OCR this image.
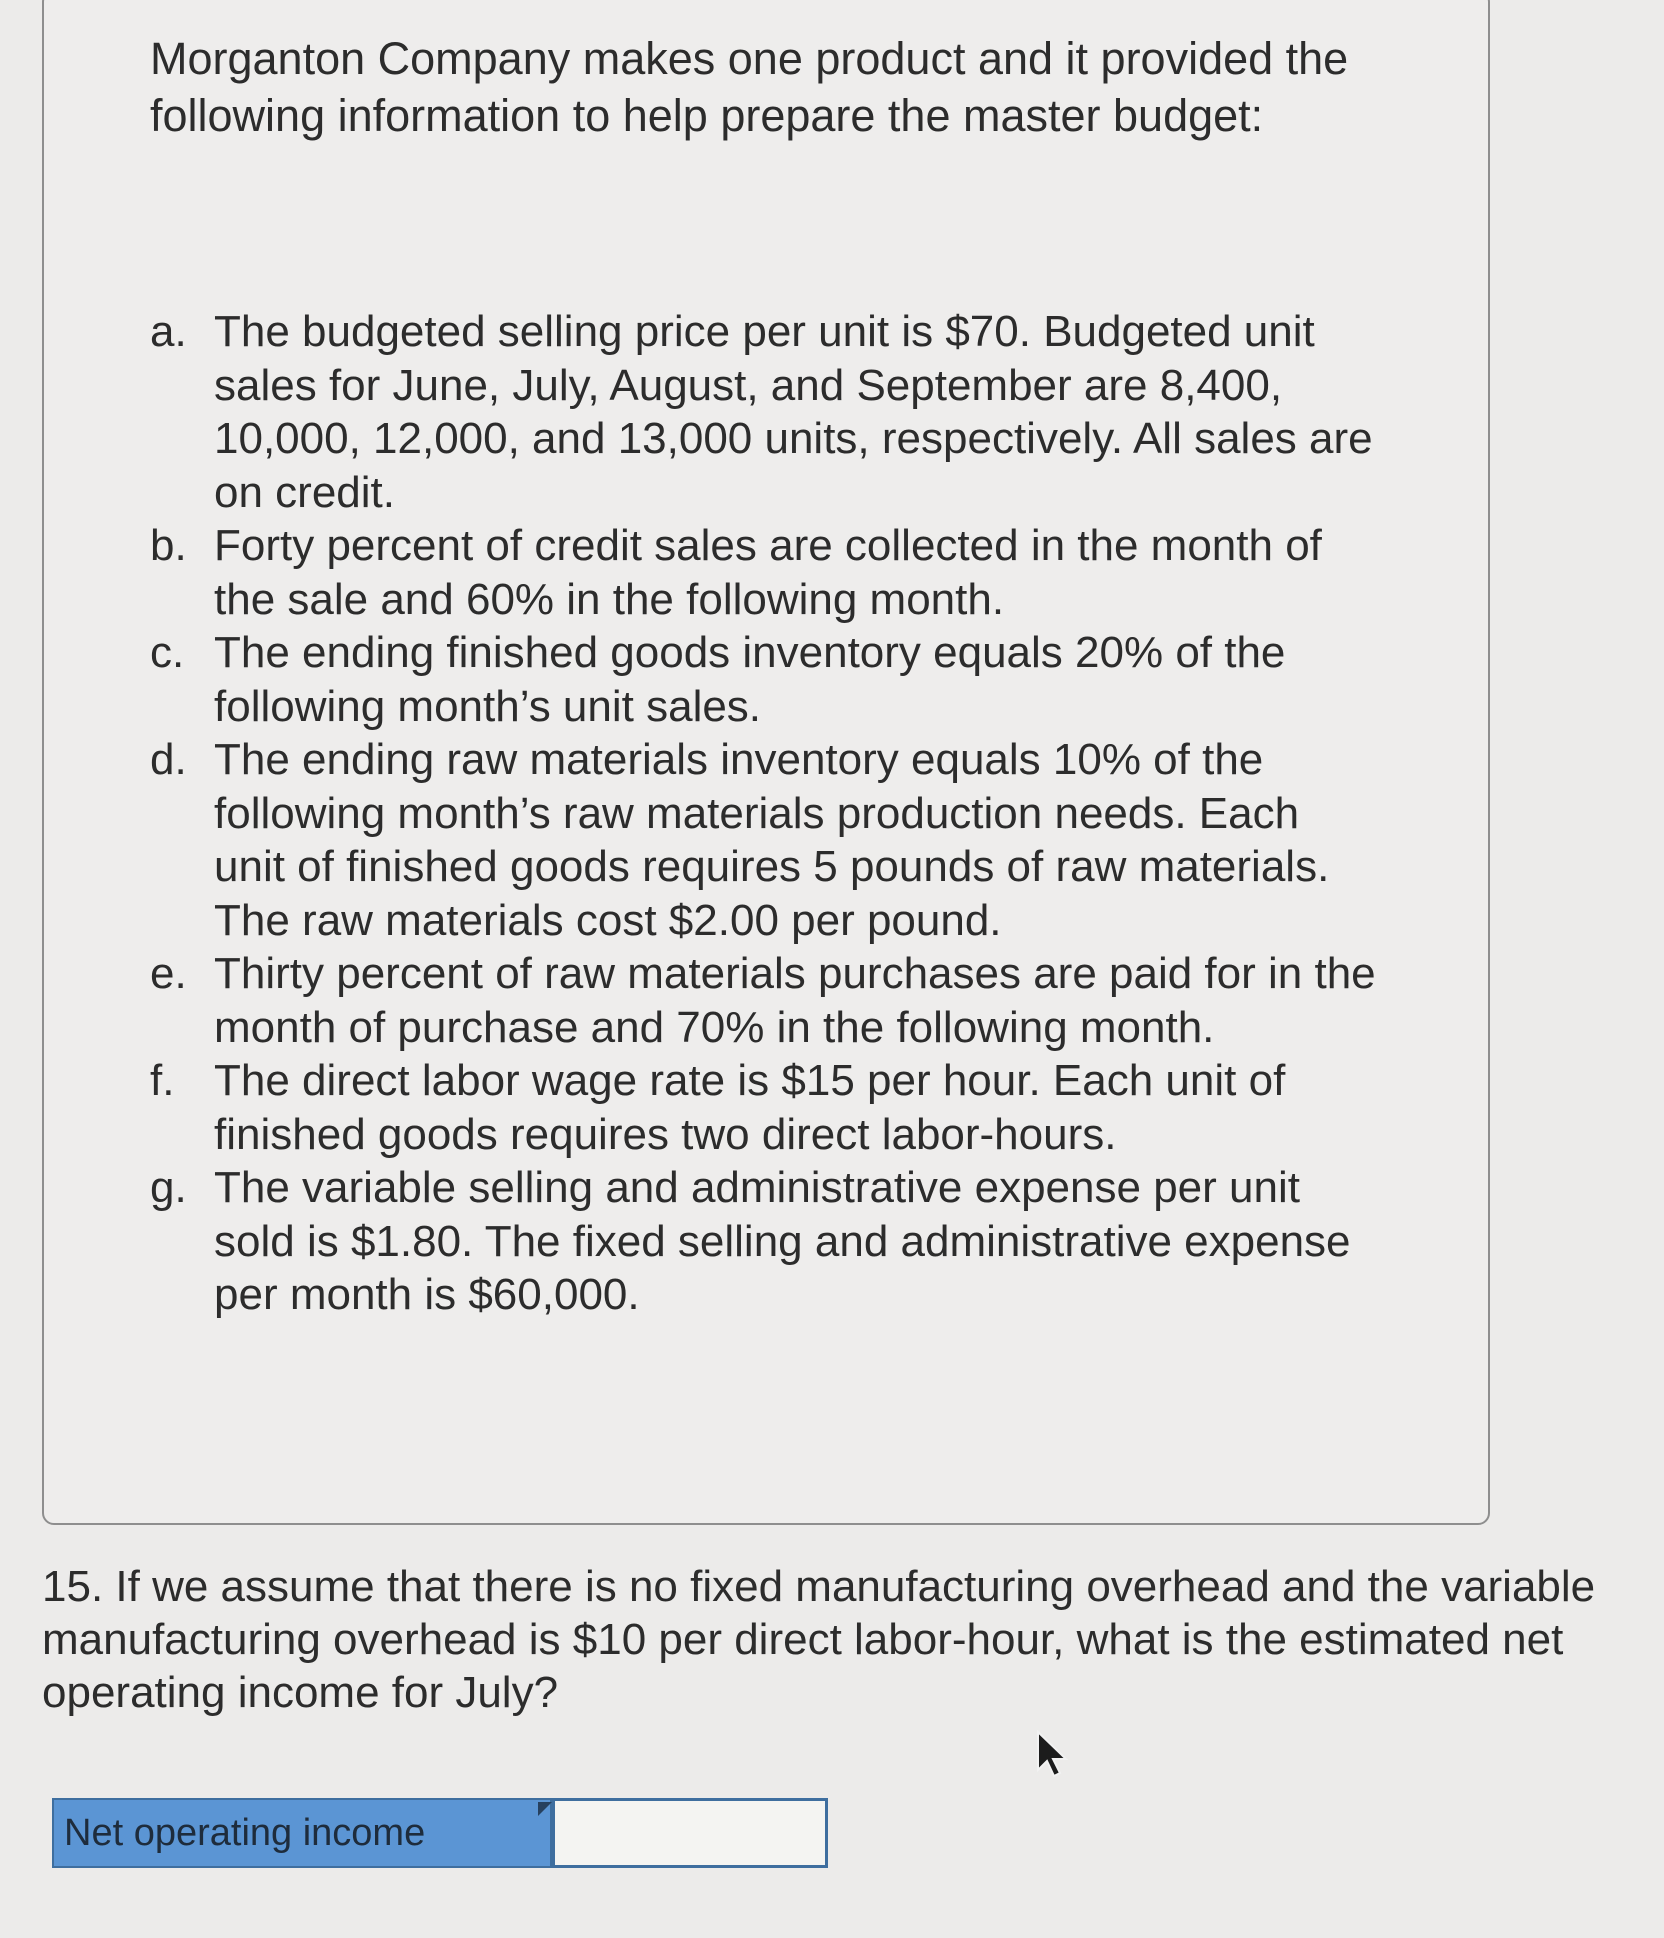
Morganton Company makes one product and it provided the following information to help prepare the master budget:

a. The budgeted selling price per unit is $70. Budgeted unit sales for June, July, August, and September are 8,400, 10,000, 12,000, and 13,000 units, respectively. All sales are on credit.
b. Forty percent of credit sales are collected in the month of the sale and 60% in the following month.
c. The ending finished goods inventory equals 20% of the following month’s unit sales.
d. The ending raw materials inventory equals 10% of the following month’s raw materials production needs. Each unit of finished goods requires 5 pounds of raw materials. The raw materials cost $2.00 per pound.
e. Thirty percent of raw materials purchases are paid for in the month of purchase and 70% in the following month.
f. The direct labor wage rate is $15 per hour. Each unit of finished goods requires two direct labor-hours.
g. The variable selling and administrative expense per unit sold is $1.80. The fixed selling and administrative expense per month is $60,000.

15. If we assume that there is no fixed manufacturing overhead and the variable manufacturing overhead is $10 per direct labor-hour, what is the estimated net operating income for July?

Net operating income
